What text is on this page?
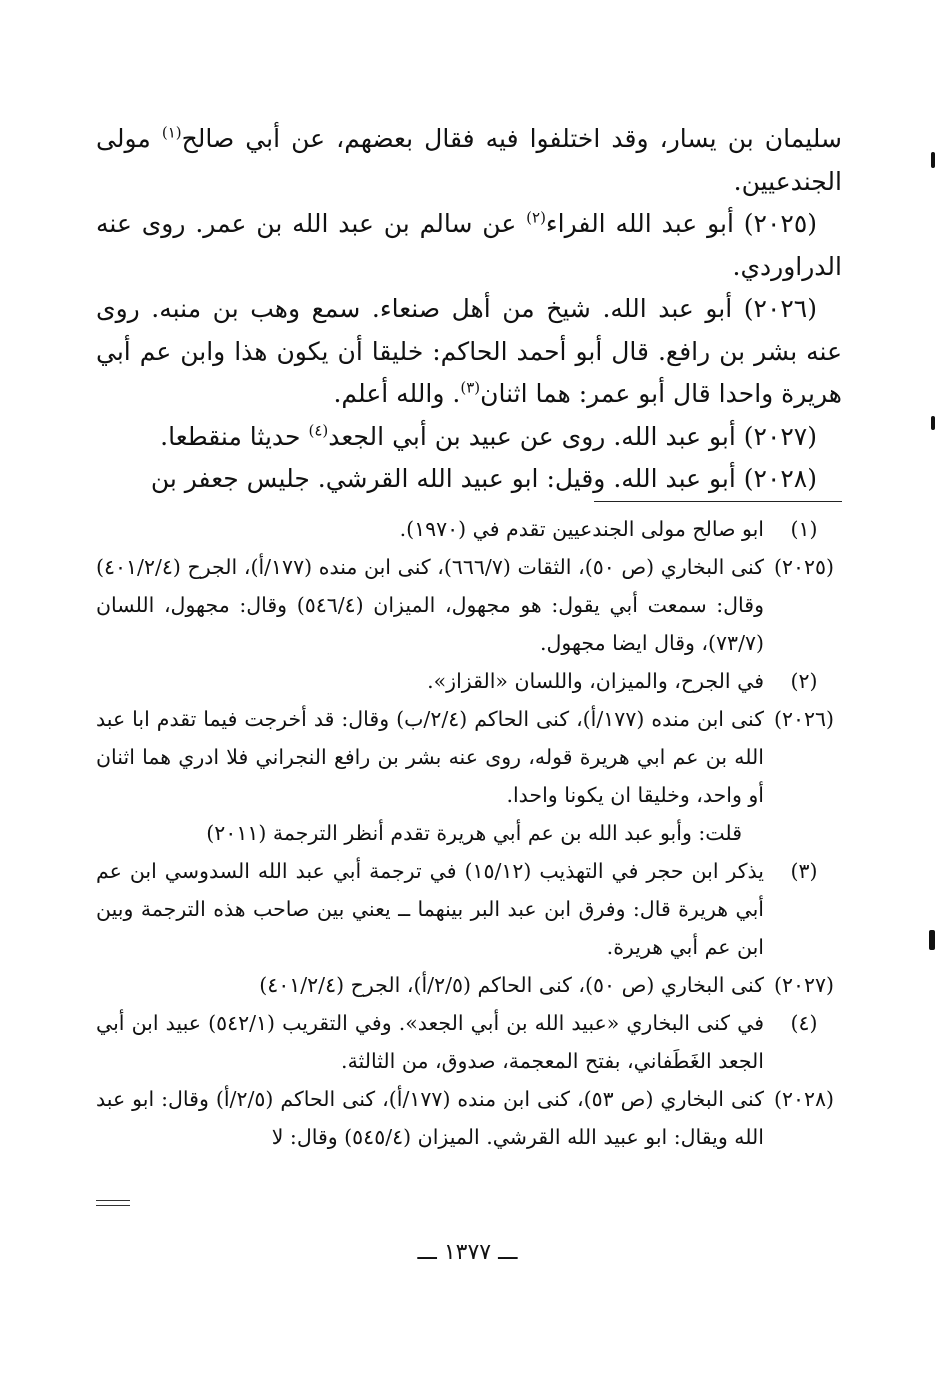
سليمان بن يسار، وقد اختلفوا فيه فقال بعضهم، عن أبي صالح$^{(١)}$ مولى الجندعيين.

 (٢٠٢٥) أبو عبد الله الفراء$^{(٢)}$ عن سالم بن عبد الله بن عمر. روى عنه الدراوردي.

 (٢٠٢٦) أبو عبد الله. شيخ من أهل صنعاء. سمع وهب بن منبه. روى عنه بشر بن رافع. قال أبو أحمد الحاكم: خليقا أن يكون هذا وابن عم أبي هريرة واحدا قال أبو عمر: هما اثنان$^{(٣)}$. والله أعلم.

 (٢٠٢٧) أبو عبد الله. روى عن عبيد بن أبي الجعد$^{(٤)}$ حديثا منقطعا.

 (٢٠٢٨) أبو عبد الله. وقيل: ابو عبيد الله القرشي. جليس جعفر بن

(١)
ابو صالح مولى الجندعيين تقدم في (١٩٧٠).
(٢٠٢٥)
كنى البخاري (ص ٥٠)، الثقات (٦٦٦/٧)، كنى ابن منده (١٧٧/أ)، الجرح (٤٠١/٢/٤) وقال: سمعت أبي يقول: هو مجهول، الميزان (٥٤٦/٤) وقال: مجهول، اللسان (٧٣/٧)، وقال ايضا مجهول.
(٢)
في الجرح، والميزان، واللسان «القزاز».
(٢٠٢٦)
كنى ابن منده (١٧٧/أ)، كنى الحاكم (٢/٤/ب) وقال: قد أخرجت فيما تقدم ابا عبد الله بن عم ابي هريرة قوله، روى عنه بشر بن رافع النجراني فلا ادري هما اثنان أو واحد، وخليقا ان يكونا واحدا.
قلت: وأبو عبد الله بن عم أبي هريرة تقدم أنظر الترجمة (٢٠١١)
(٣)
يذكر ابن حجر في التهذيب (١٥/١٢) في ترجمة أبي عبد الله السدوسي ابن عم أبي هريرة قال: وفرق ابن عبد البر بينهما ــ يعني بين صاحب هذه الترجمة وبين ابن عم أبي هريرة.
(٢٠٢٧)
كنى البخاري (ص ٥٠)، كنى الحاكم (٢/٥/أ)، الجرح (٤٠١/٢/٤)
(٤)
في كنى البخاري «عبيد الله بن أبي الجعد». وفي التقريب (٥٤٢/١) عبيد ابن أبي الجعد الغَطَفاني، بفتح المعجمة، صدوق، من الثالثة.
(٢٠٢٨)
كنى البخاري (ص ٥٣)، كنى ابن منده (١٧٧/أ)، كنى الحاكم (٢/٥/أ) وقال: ابو عبد الله ويقال: ابو عبيد الله القرشي. الميزان (٥٤٥/٤) وقال: لا
ـــ ١٣٧٧ ـــ
